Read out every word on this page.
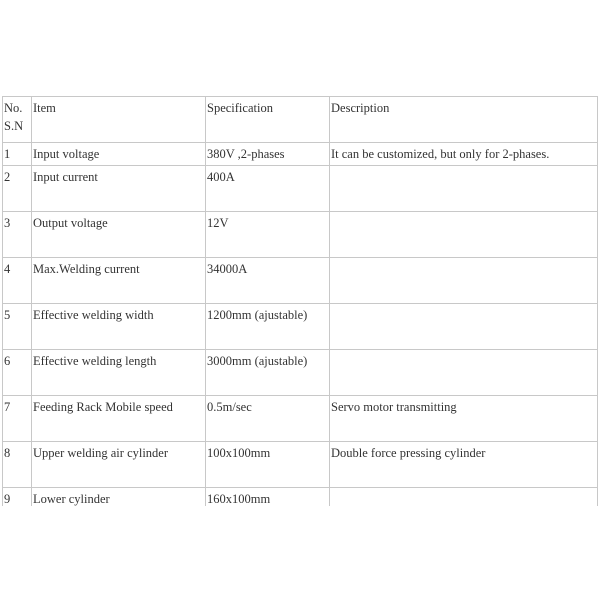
No. S.N	Item	Specification	Description
1	Input voltage	380V ,2-phases	It can be customized, but only for 2-phases.
2	Input current	400A	
3	Output voltage	12V	
4	Max.Welding current	34000A	
5	Effective welding width	1200mm (ajustable)	
6	Effective welding length	3000mm (ajustable)	
7	Feeding Rack Mobile speed	0.5m/sec	Servo motor transmitting
8	Upper welding air cylinder	100x100mm	Double force pressing cylinder
9	Lower cylinder	160x100mm	
